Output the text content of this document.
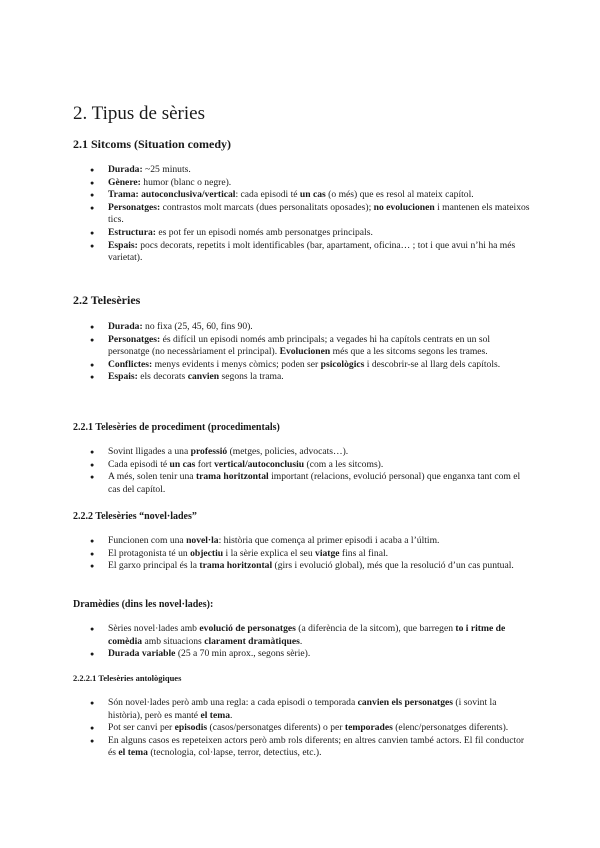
2. Tipus de sèries
2.1 Sitcoms (Situation comedy)
● Durada: ~25 minuts.
● Gènere: humor (blanc o negre).
● Trama: autoconclusiva/vertical: cada episodi té un cas (o més) que es resol al mateix capítol.
● Personatges: contrastos molt marcats (dues personalitats oposades); no evolucionen i mantenen els mateixos tics.
● Estructura: es pot fer un episodi només amb personatges principals.
● Espais: pocs decorats, repetits i molt identificables (bar, apartament, oficina… ; tot i que avui n’hi ha més varietat).
2.2 Telesèries
● Durada: no fixa (25, 45, 60, fins 90).
● Personatges: és difícil un episodi només amb principals; a vegades hi ha capítols centrats en un sol personatge (no necessàriament el principal). Evolucionen més que a les sitcoms segons les trames.
● Conflictes: menys evidents i menys còmics; poden ser psicològics i descobrir-se al llarg dels capítols.
● Espais: els decorats canvien segons la trama.
2.2.1 Telesèries de procediment (procedimentals)
● Sovint lligades a una professió (metges, policies, advocats…).
● Cada episodi té un cas fort vertical/autoconclusiu (com a les sitcoms).
● A més, solen tenir una trama horitzontal important (relacions, evolució personal) que enganxa tant com el cas del capítol.
2.2.2 Telesèries “novel·lades”
● Funcionen com una novel·la: història que comença al primer episodi i acaba a l’últim.
● El protagonista té un objectiu i la sèrie explica el seu viatge fins al final.
● El garxo principal és la trama horitzontal (girs i evolució global), més que la resolució d’un cas puntual.
Dramèdies (dins les novel·lades):
● Sèries novel·lades amb evolució de personatges (a diferència de la sitcom), que barregen to i ritme de comèdia amb situacions clarament dramàtiques.
● Durada variable (25 a 70 min aprox., segons sèrie).
2.2.2.1 Telesèries antològiques
● Són novel·lades però amb una regla: a cada episodi o temporada canvien els personatges (i sovint la història), però es manté el tema.
● Pot ser canvi per episodis (casos/personatges diferents) o per temporades (elenc/personatges diferents).
● En alguns casos es repeteixen actors però amb rols diferents; en altres canvien també actors. El fil conductor és el tema (tecnologia, col·lapse, terror, detectius, etc.).
